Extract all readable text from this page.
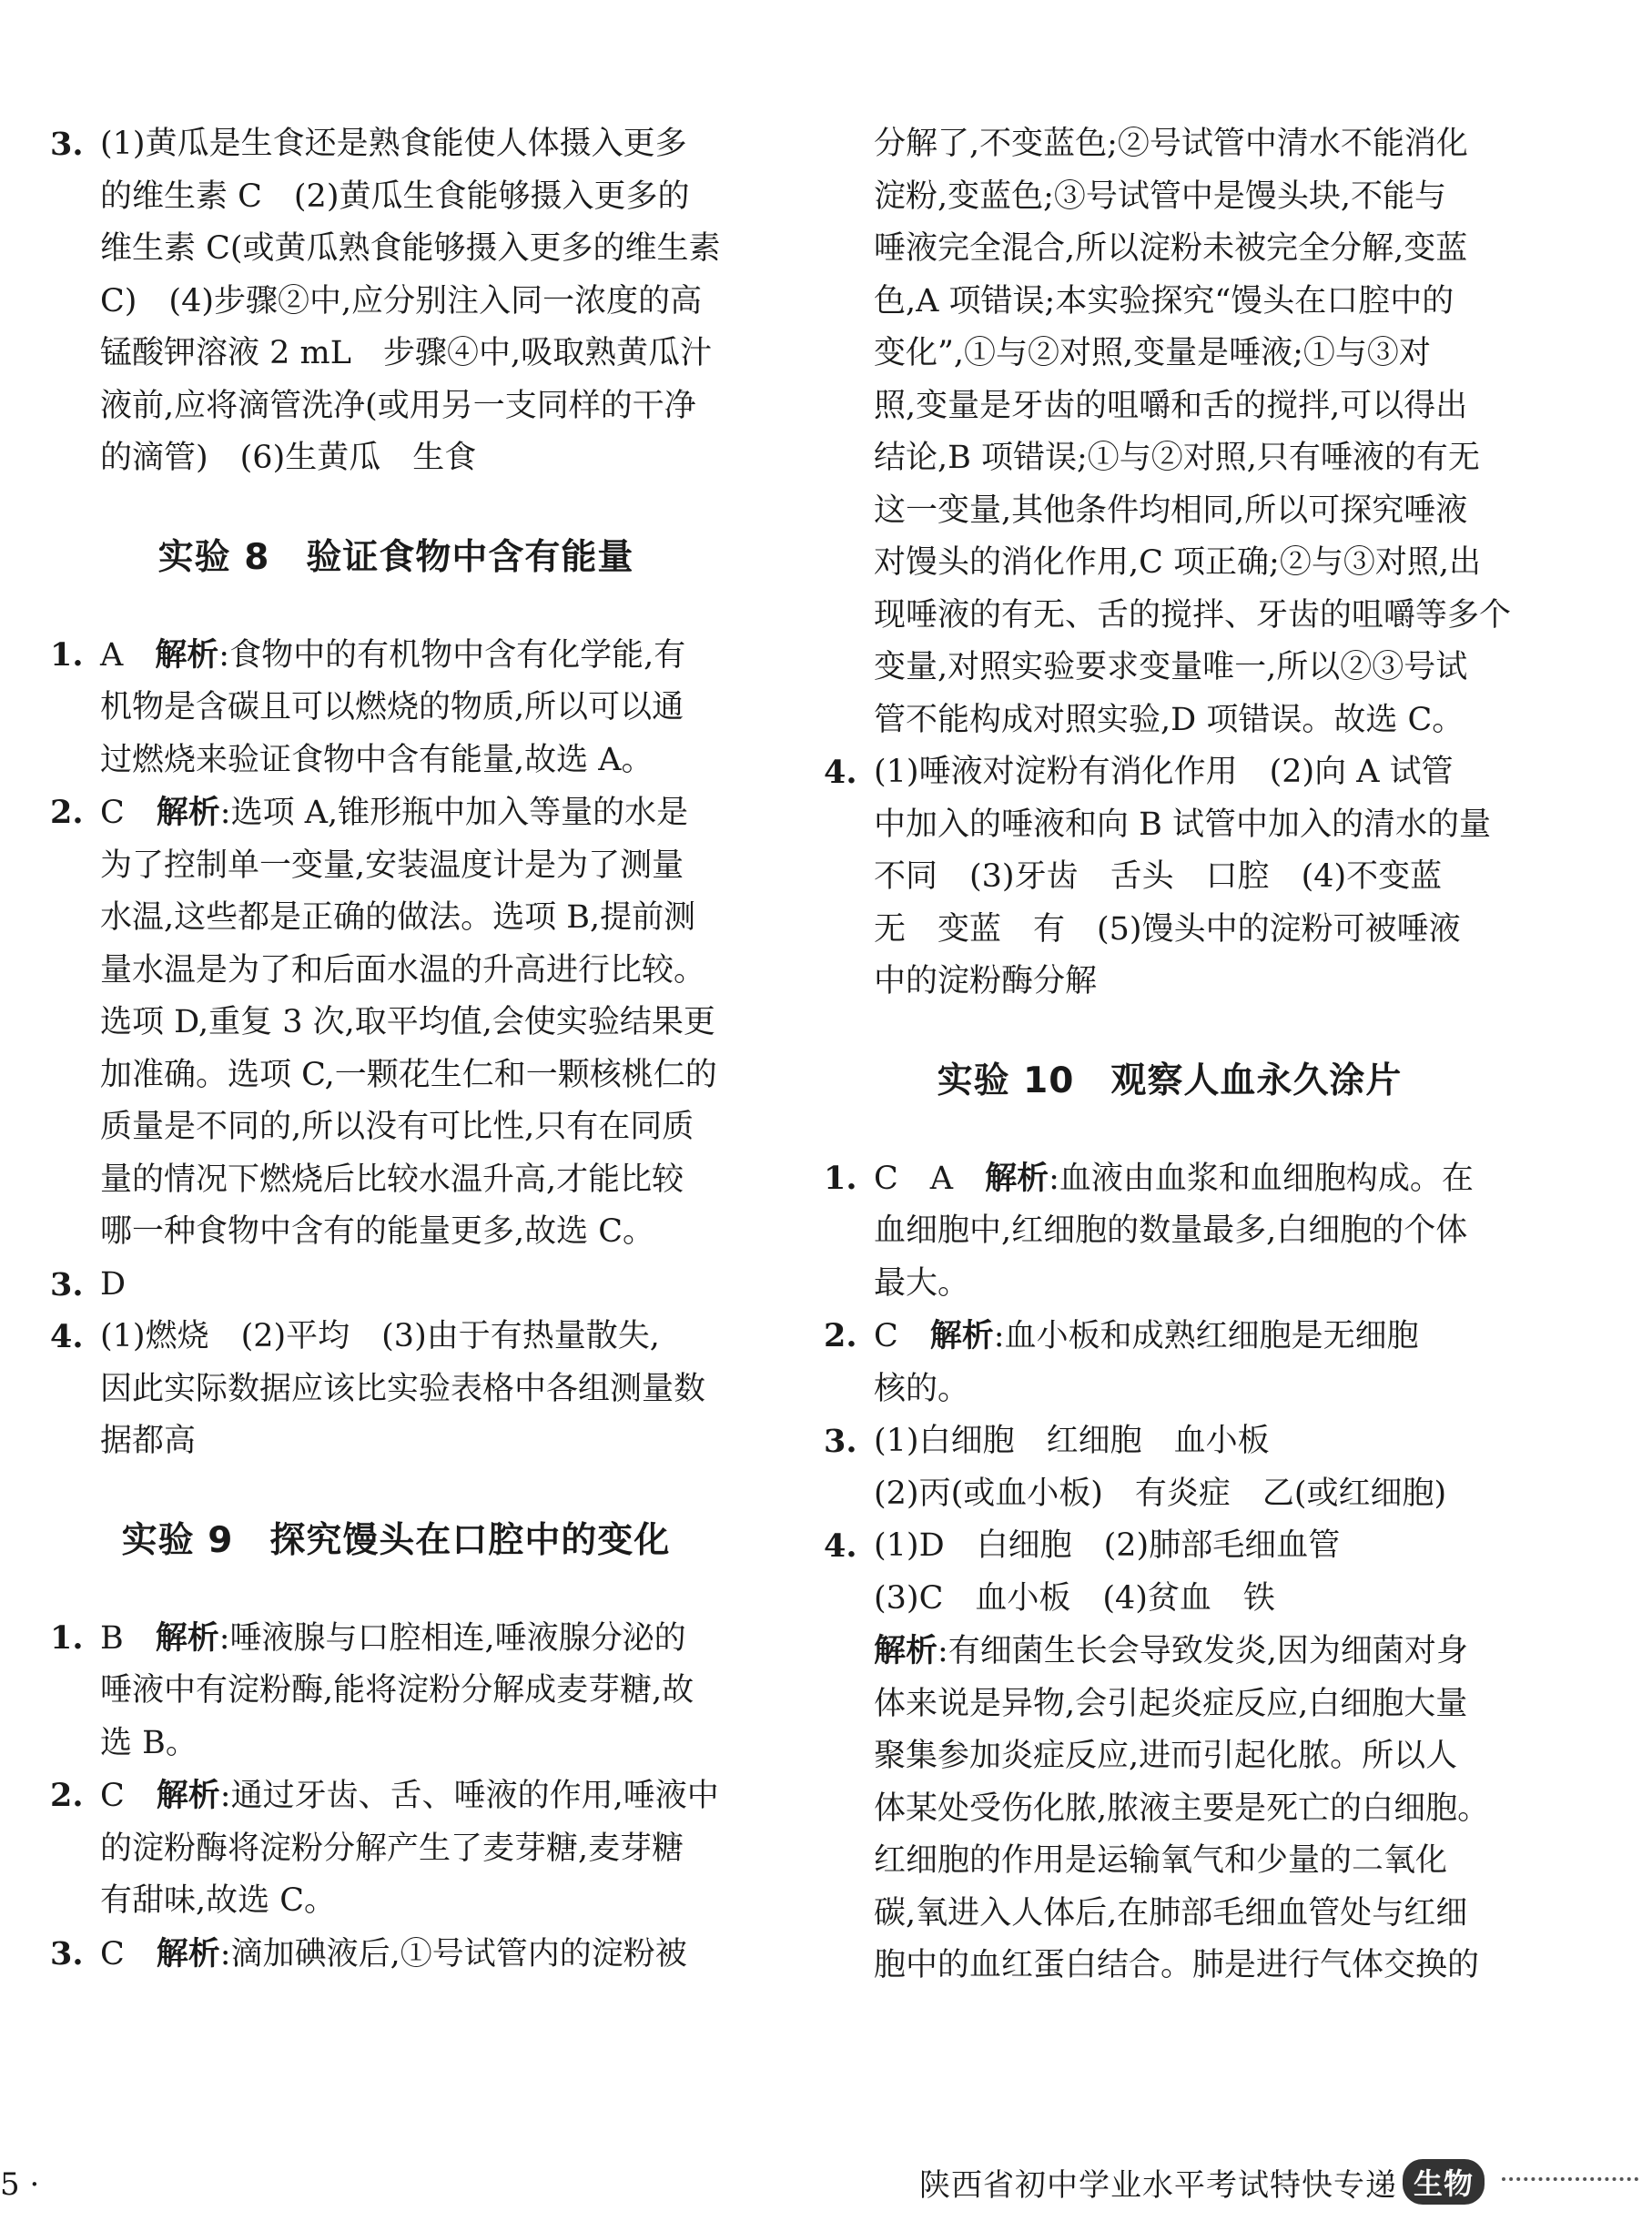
3. (1)黄瓜是生食还是熟食能使人体摄入更多

的维生素 C　(2)黄瓜生食能够摄入更多的

维生素 C(或黄瓜熟食能够摄入更多的维生素

C)　(4)步骤②中,应分别注入同一浓度的高

锰酸钾溶液 2 mL　步骤④中,吸取熟黄瓜汁

液前,应将滴管洗净(或用另一支同样的干净

的滴管)　(6)生黄瓜　生食

实验 8　验证食物中含有能量
1. A　解析:食物中的有机物中含有化学能,有

机物是含碳且可以燃烧的物质,所以可以通

过燃烧来验证食物中含有能量,故选 A。

2. C　解析:选项 A,锥形瓶中加入等量的水是

为了控制单一变量,安装温度计是为了测量

水温,这些都是正确的做法。选项 B,提前测

量水温是为了和后面水温的升高进行比较。

选项 D,重复 3 次,取平均值,会使实验结果更

加准确。选项 C,一颗花生仁和一颗核桃仁的

质量是不同的,所以没有可比性,只有在同质

量的情况下燃烧后比较水温升高,才能比较

哪一种食物中含有的能量更多,故选 C。

3. D

4. (1)燃烧　(2)平均　(3)由于有热量散失,

因此实际数据应该比实验表格中各组测量数

据都高

实验 9　探究馒头在口腔中的变化
1. B　解析:唾液腺与口腔相连,唾液腺分泌的

唾液中有淀粉酶,能将淀粉分解成麦芽糖,故

选 B。

2. C　解析:通过牙齿、舌、唾液的作用,唾液中

的淀粉酶将淀粉分解产生了麦芽糖,麦芽糖

有甜味,故选 C。

3. C　解析:滴加碘液后,①号试管内的淀粉被

分解了,不变蓝色;②号试管中清水不能消化

淀粉,变蓝色;③号试管中是馒头块,不能与

唾液完全混合,所以淀粉未被完全分解,变蓝

色,A 项错误;本实验探究“馒头在口腔中的

变化”,①与②对照,变量是唾液;①与③对

照,变量是牙齿的咀嚼和舌的搅拌,可以得出

结论,B 项错误;①与②对照,只有唾液的有无

这一变量,其他条件均相同,所以可探究唾液

对馒头的消化作用,C 项正确;②与③对照,出

现唾液的有无、舌的搅拌、牙齿的咀嚼等多个

变量,对照实验要求变量唯一,所以②③号试

管不能构成对照实验,D 项错误。故选 C。

4. (1)唾液对淀粉有消化作用　(2)向 A 试管

中加入的唾液和向 B 试管中加入的清水的量

不同　(3)牙齿　舌头　口腔　(4)不变蓝

无　变蓝　有　(5)馒头中的淀粉可被唾液

中的淀粉酶分解

实验 10　观察人血永久涂片
1. C　A　解析:血液由血浆和血细胞构成。在

血细胞中,红细胞的数量最多,白细胞的个体

最大。

2. C　解析:血小板和成熟红细胞是无细胞

核的。

3. (1)白细胞　红细胞　血小板

(2)丙(或血小板)　有炎症　乙(或红细胞)

4. (1)D　白细胞　(2)肺部毛细血管

(3)C　血小板　(4)贫血　铁

解析:有细菌生长会导致发炎,因为细菌对身

体来说是异物,会引起炎症反应,白细胞大量

聚集参加炎症反应,进而引起化脓。所以人

体某处受伤化脓,脓液主要是死亡的白细胞。

红细胞的作用是运输氧气和少量的二氧化

碳,氧进入人体后,在肺部毛细血管处与红细

胞中的血红蛋白结合。肺是进行气体交换的

5 ·	陕西省初中学业水平考试特快专递 生物
